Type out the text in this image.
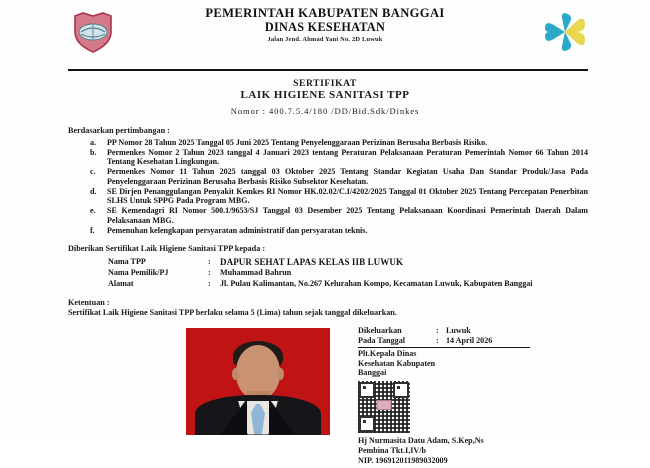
PEMERINTAH KABUPATEN BANGGAI
DINAS KESEHATAN
Jalan Jend. Ahmad Yani No. 2D Luwuk
SERTIFIKAT
LAIK HIGIENE SANITASI TPP
Nomor : 400.7.5.4/180 /DD/Bid.Sdk/Dinkes
Berdasarkan pertimbangan :
a. PP Nomor 28 Tahun 2025 Tanggal 05 Juni 2025 Tentang Penyelenggaraan Perizinan Berusaha Berbasis Risiko.
b. Permenkes Nomor 2 Tahun 2023 tanggal 4 Januari 2023 tentang Peraturan Pelaksanaan Peraturan Pemerintah Nomor 66 Tahun 2014 Tentang Kesehatan Lingkungan.
c. Permenkes Nomor 11 Tahun 2025 tanggal 03 Oktober 2025 Tentang Standar Kegiatan Usaha Dan Standar Produk/Jasa Pada Penyelenggaraan Perizinan Berusaha Berbasis Risiko Subsektor Kesehatan.
d. SE Dirjen Penanggulangan Penyakit Kemkes RI Nomor HK.02.02/C.I/4202/2025 Tanggal 01 Oktober 2025 Tentang Percepatan Penerbitan SLHS Untuk SPPG Pada Program MBG.
e. SE Kemendagri RI Nomor 500.1/9653/SJ Tanggal 03 Desember 2025 Tentang Pelaksanaan Koordinasi Pemerintah Daerah Dalam Pelaksanaan MBG.
f. Pemenuhan kelengkapan persyaratan administratif dan persyaratan teknis.
Diberikan Sertifikat Laik Higiene Sanitasi TPP kepada :
Nama TPP	:	DAPUR SEHAT LAPAS KELAS IIB LUWUK
Nama Pemilik/PJ	:	Muhammad Bahrun
Alamat	:	Jl. Pulau Kalimantan, No.267 Kelurahan Kompo, Kecamatan Luwuk, Kabupaten Banggai
Ketentuan :
Sertifikat Laik Higiene Sanitasi TPP berlaku selama 5 (Lima) tahun sejak tanggal dikeluarkan.
Dikeluarkan	: Luwuk
Pada Tanggal	: 14 April 2026
Plt.Kepala Dinas
Kesehatan Kabupaten
Banggai
Hj Nurmasita Datu Adam, S.Kep,Ns
Pembina Tkt.I,IV/b
NIP. 196912011989032009
